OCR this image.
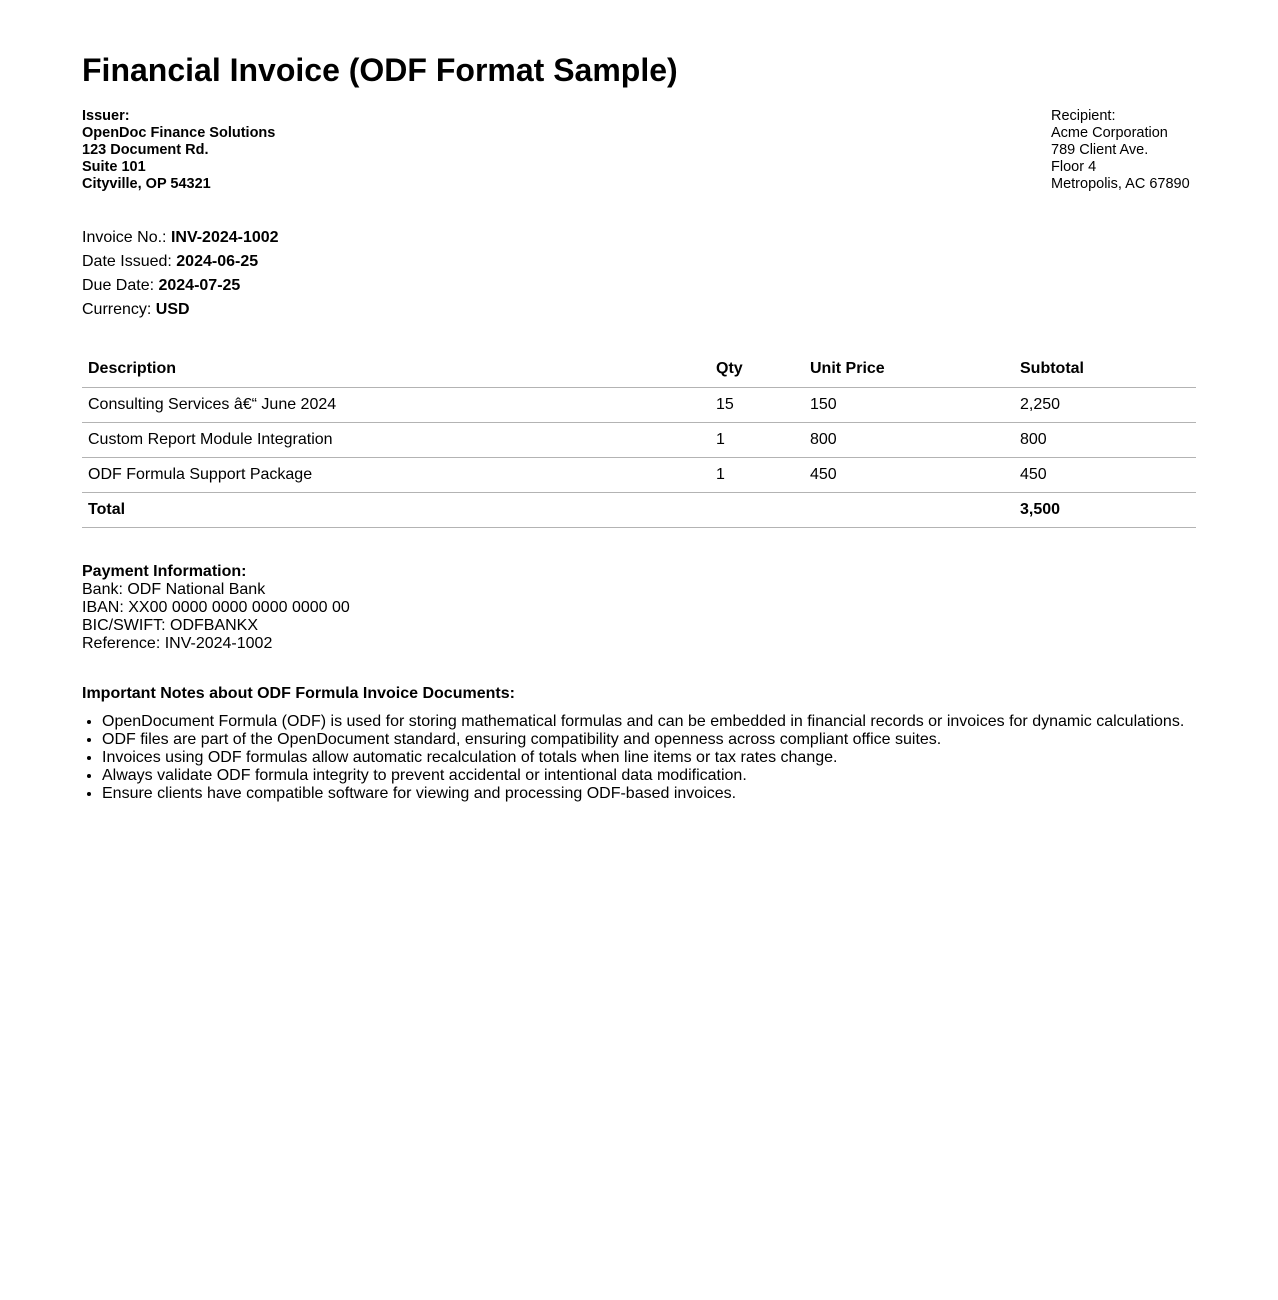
Financial Invoice (ODF Format Sample)
Issuer:
OpenDoc Finance Solutions
123 Document Rd.
Suite 101
Cityville, OP 54321
Recipient:
Acme Corporation
789 Client Ave.
Floor 4
Metropolis, AC 67890
Invoice No.: INV-2024-1002
Date Issued: 2024-06-25
Due Date: 2024-07-25
Currency: USD
Description	Qty	Unit Price	Subtotal
Consulting Services â€“ June 2024	15	150	2,250
Custom Report Module Integration	1	800	800
ODF Formula Support Package	1	450	450
Total			3,500
Payment Information:
Bank: ODF National Bank
IBAN: XX00 0000 0000 0000 0000 00
BIC/SWIFT: ODFBANKX
Reference: INV-2024-1002

Important Notes about ODF Formula Invoice Documents:

• OpenDocument Formula (ODF) is used for storing mathematical formulas and can be embedded in financial records or invoices for dynamic calculations.
• ODF files are part of the OpenDocument standard, ensuring compatibility and openness across compliant office suites.
• Invoices using ODF formulas allow automatic recalculation of totals when line items or tax rates change.
• Always validate ODF formula integrity to prevent accidental or intentional data modification.
• Ensure clients have compatible software for viewing and processing ODF-based invoices.
